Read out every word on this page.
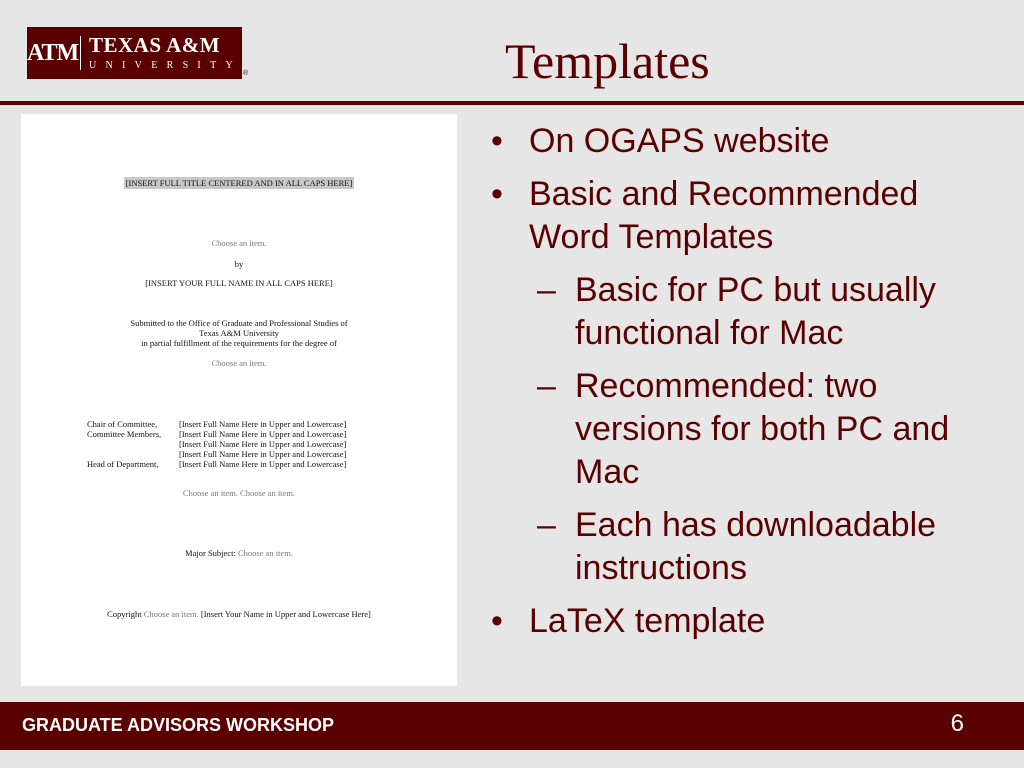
ATM TEXAS A&M
UNIVERSITY
®	Templates
[INSERT FULL TITLE CENTERED AND IN ALL CAPS HERE]
Choose an item.
by
[INSERT YOUR FULL NAME IN ALL CAPS HERE]
Submitted to the Office of Graduate and Professional Studies of
Texas A&M University
in partial fulfillment of the requirements for the degree of
Choose an item.
Chair of Committee,	[Insert Full Name Here in Upper and Lowercase]
Committee Members, [Insert Full Name Here in Upper and Lowercase]
[Insert Full Name Here in Upper and Lowercase]
[Insert Full Name Here in Upper and Lowercase]
Head of Department, [Insert Full Name Here in Upper and Lowercase]
Choose an item. Choose an item.
Major Subject: Choose an item.
Copyright Choose an item. [Insert Your Name in Upper and Lowercase Here]
• On OGAPS website
• Basic and Recommended Word Templates
– Basic for PC but usually functional for Mac
– Recommended: two versions for both PC and Mac
– Each has downloadable instructions
• LaTeX template
GRADUATE ADVISORS WORKSHOP	6
